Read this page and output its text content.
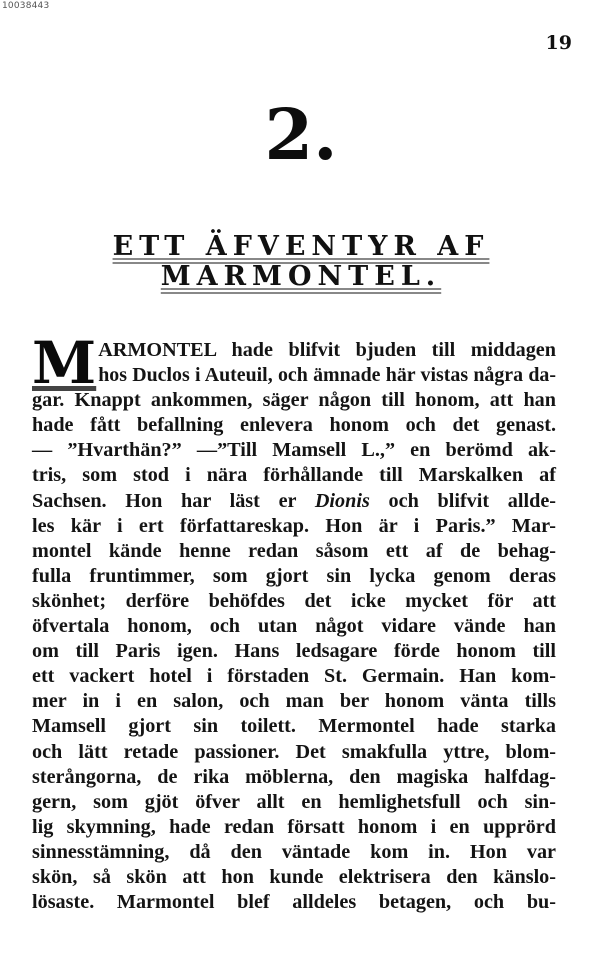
10038443
19
2.
ETT ÄFVENTYR AF
MARMONTEL.
M ARMONTEL hade blifvit bjuden till middagen
hos Duclos i Auteuil, och ämnade här vistas några da-
gar. Knappt ankommen, säger någon till honom, att han
hade fått befallning enlevera honom och det genast.
— ”Hvarthän?” —”Till Mamsell L.,” en berömd ak-
tris, som stod i nära förhållande till Marskalken af
Sachsen. Hon har läst er Dionis och blifvit allde-
les kär i ert författareskap. Hon är i Paris.” Mar-
montel kände henne redan såsom ett af de behag-
fulla fruntimmer, som gjort sin lycka genom deras
skönhet; derföre behöfdes det icke mycket för att
öfvertala honom, och utan något vidare vände han
om till Paris igen. Hans ledsagare förde honom till
ett vackert hotel i förstaden St. Germain. Han kom-
mer in i en salon, och man ber honom vänta tills
Mamsell gjort sin toilett. Mermontel hade starka
och lätt retade passioner. Det smakfulla yttre, blom-
sterångorna, de rika möblerna, den magiska halfdag-
gern, som gjöt öfver allt en hemlighetsfull och sin-
lig skymning, hade redan försatt honom i en upprörd
sinnesstämning, då den väntade kom in. Hon var
skön, så skön att hon kunde elektrisera den känslo-
lösaste. Marmontel blef alldeles betagen, och bu-
